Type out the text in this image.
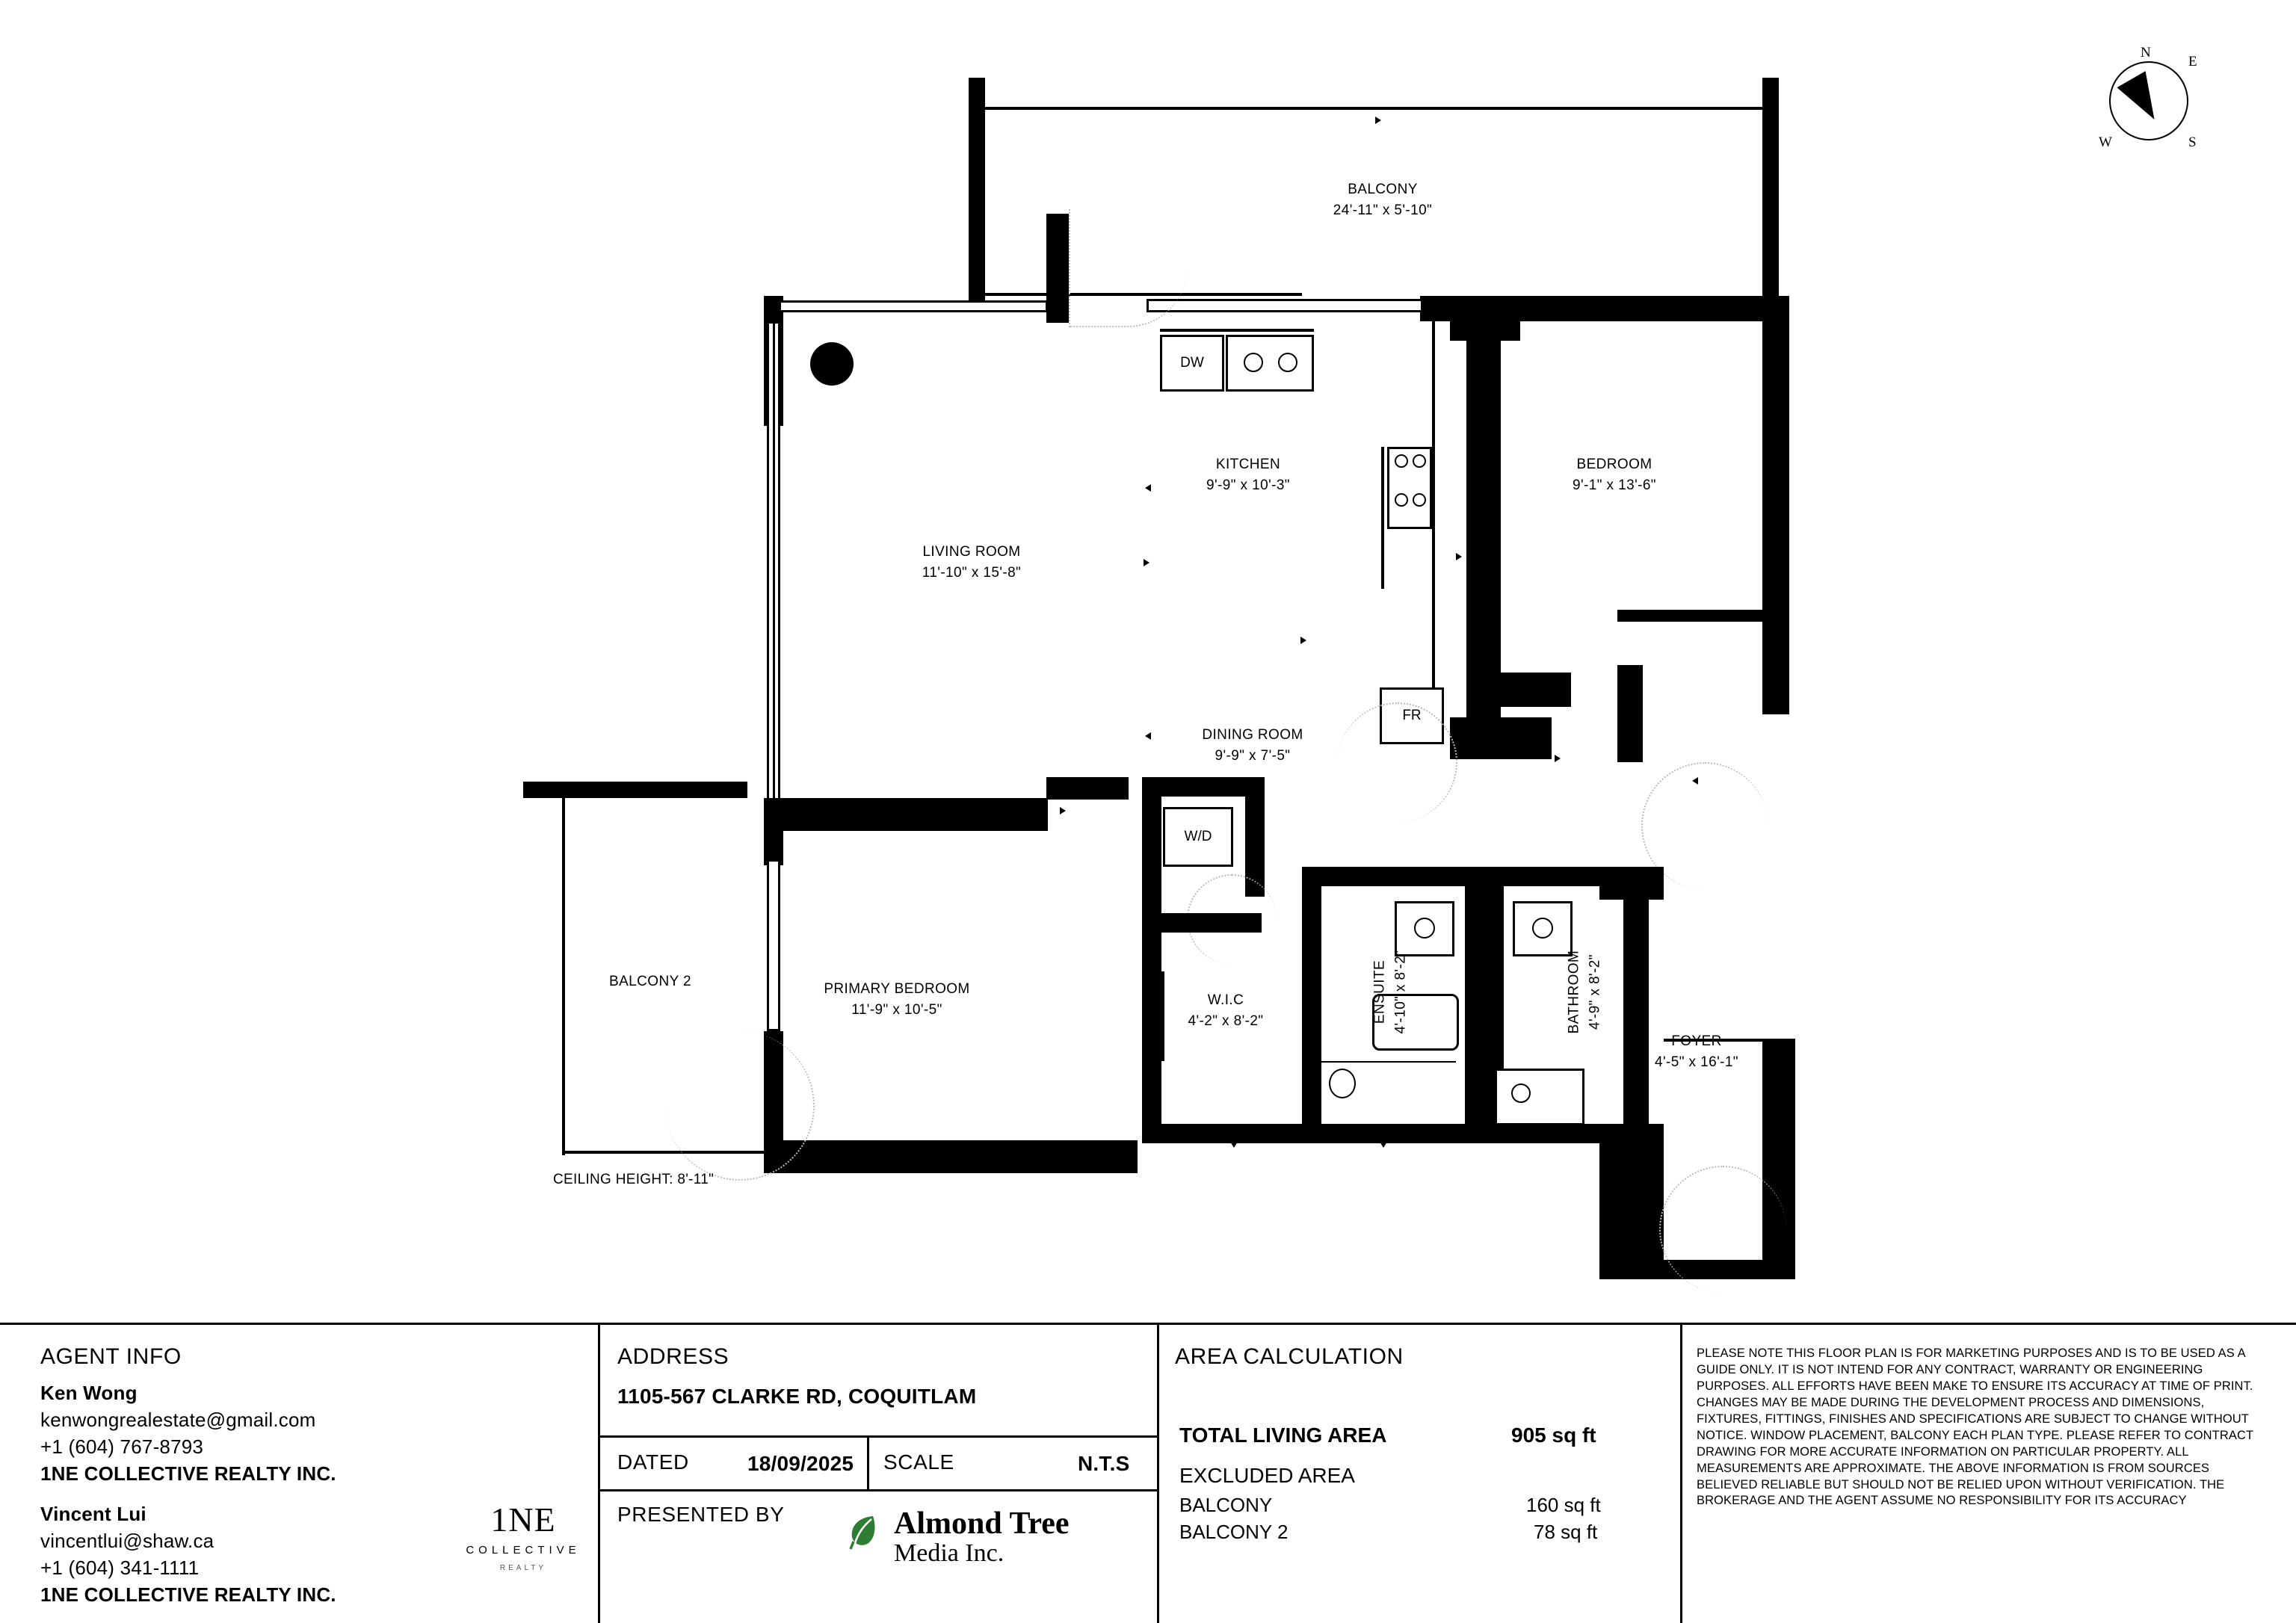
N
E
S
W
BALCONY
24'-11" x 5'-10"
LIVING ROOM
11'-10" x 15'-8"
DW
FR
KITCHEN
9'-9" x 10'-3"
BEDROOM
9'-1" x 13'-6"
DINING ROOM
9'-9" x 7'-5"
BALCONY 2	PRIMARY BEDROOM
11'-9" x 10'-5"
W/D
W.I.C
4'-2" x 8'-2"	ENSUITE 4'-10" x 8'-2"	BATHROOM 4'-9" x 8'-2"
FOYER
4'-5" x 16'-1"
CEILING HEIGHT: 8'-11"
AGENT INFO
Ken Wong
kenwongrealestate@gmail.com
+1 (604) 767-8793
1NE COLLECTIVE REALTY INC.
Vincent Lui
vincentlui@shaw.ca
+1 (604) 341-1111
1NE COLLECTIVE REALTY INC.
1NE
COLLECTIVE
REALTY
ADDRESS
1105-567 CLARKE RD, COQUITLAM
DATED	18/09/2025 SCALE	N.T.S
PRESENTED BY	Almond Tree
Media Inc.
AREA CALCULATION
TOTAL LIVING AREA	905 sq ft
EXCLUDED AREA
BALCONY	160 sq ft
BALCONY 2	78 sq ft
PLEASE NOTE THIS FLOOR PLAN IS FOR MARKETING PURPOSES AND IS TO BE USED AS A GUIDE ONLY. IT IS NOT INTEND FOR ANY CONTRACT, WARRANTY OR ENGINEERING PURPOSES. ALL EFFORTS HAVE BEEN MAKE TO ENSURE ITS ACCURACY AT TIME OF PRINT. CHANGES MAY BE MADE DURING THE DEVELOPMENT PROCESS AND DIMENSIONS, FIXTURES, FITTINGS, FINISHES AND SPECIFICATIONS ARE SUBJECT TO CHANGE WITHOUT NOTICE. WINDOW PLACEMENT, BALCONY EACH PLAN TYPE. PLEASE REFER TO CONTRACT DRAWING FOR MORE ACCURATE INFORMATION ON PARTICULAR PROPERTY. ALL MEASUREMENTS ARE APPROXIMATE. THE ABOVE INFORMATION IS FROM SOURCES BELIEVED RELIABLE BUT SHOULD NOT BE RELIED UPON WITHOUT VERIFICATION. THE BROKERAGE AND THE AGENT ASSUME NO RESPONSIBILITY FOR ITS ACCURACY
